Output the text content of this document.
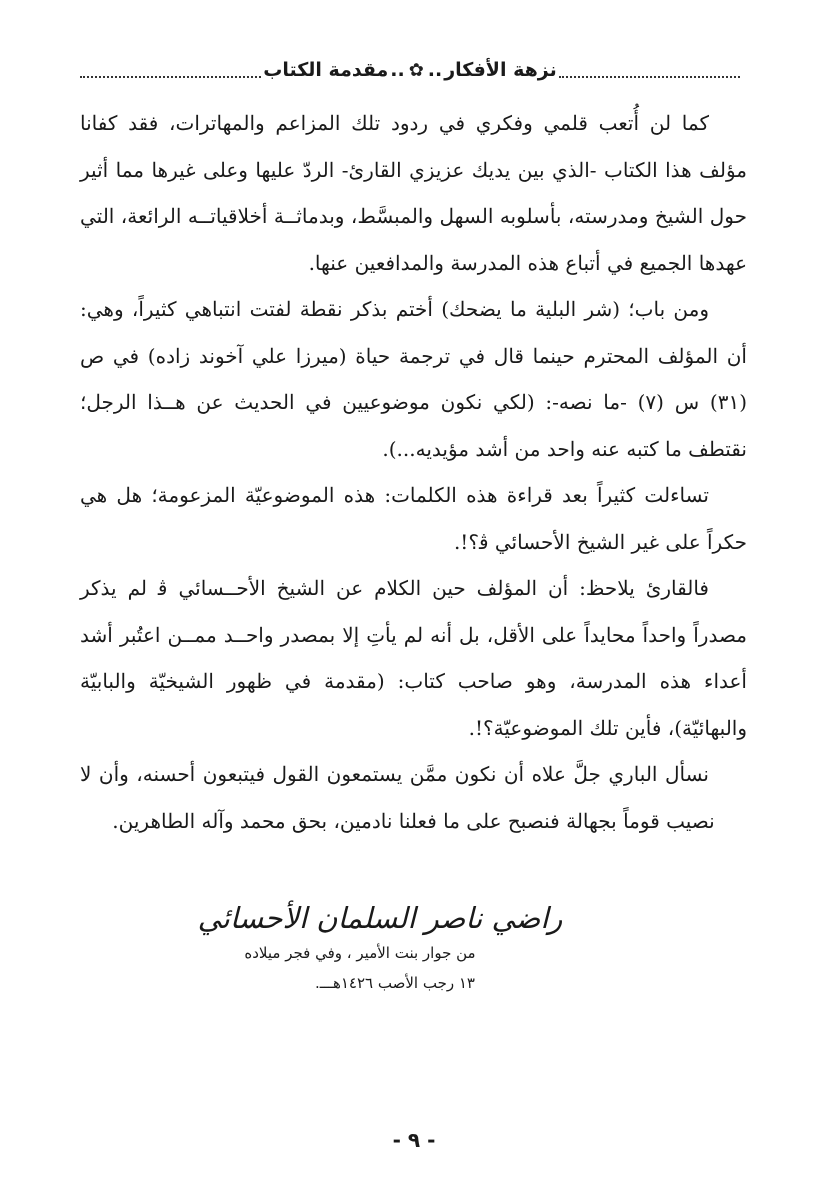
نزهة الأفكار
..
✿
..
مقدمة الكتاب

كما لن أُتعب قلمي وفكري في ردود تلك المزاعم والمهاترات، فقد كفانا مؤلف هذا الكتاب -الذي بين يديك عزيزي القارئ- الردّ عليها وعلى غيرها مما أثير حول الشيخ ومدرسته، بأسلوبه السهل والمبسَّط، وبدماثــة أخلاقياتــه الرائعة، التي عهدها الجميع في أتباع هذه المدرسة والمدافعين عنها.

ومن باب؛ (شر البلية ما يضحك) أختم بذكر نقطة لفتت انتباهي كثيراً، وهي: أن المؤلف المحترم حينما قال في ترجمة حياة (ميرزا علي آخوند زاده) في ص (٣١) س (٧) -ما نصه-: (لكي نكون موضوعيين في الحديث عن هــذا الرجل؛ نقتطف ما كتبه عنه واحد من أشد مؤيديه...).

تساءلت كثيراً بعد قراءة هذه الكلمات: هذه الموضوعيّة المزعومة؛ هل هي حكراً على غير الشيخ الأحسائي ﭬ؟!.

فالقارئ يلاحظ: أن المؤلف حين الكلام عن الشيخ الأحــسائي ﭬ لم يذكر مصدراً واحداً محايداً على الأقل، بل أنه لم يأتِ إلا بمصدر واحــد ممــن اعتُبر أشد أعداء هذه المدرسة، وهو صاحب كتاب: (مقدمة في ظهور الشيخيّة والبابيّة والبهائيّة)، فأين تلك الموضوعيّة؟!.

نسأل الباري جلَّ علاه أن نكون ممَّن يستمعون القول فيتبعون أحسنه، وأن لا نصيب قوماً بجهالة فنصبح على ما فعلنا نادمين، بحق محمد وآله الطاهرين.

راضي ناصر السلمان الأحسائي
من جوار بنت الأمير ، وفي فجر ميلاده
١٣ رجب الأصب ١٤٢٦هـــ.
- ٩ -
